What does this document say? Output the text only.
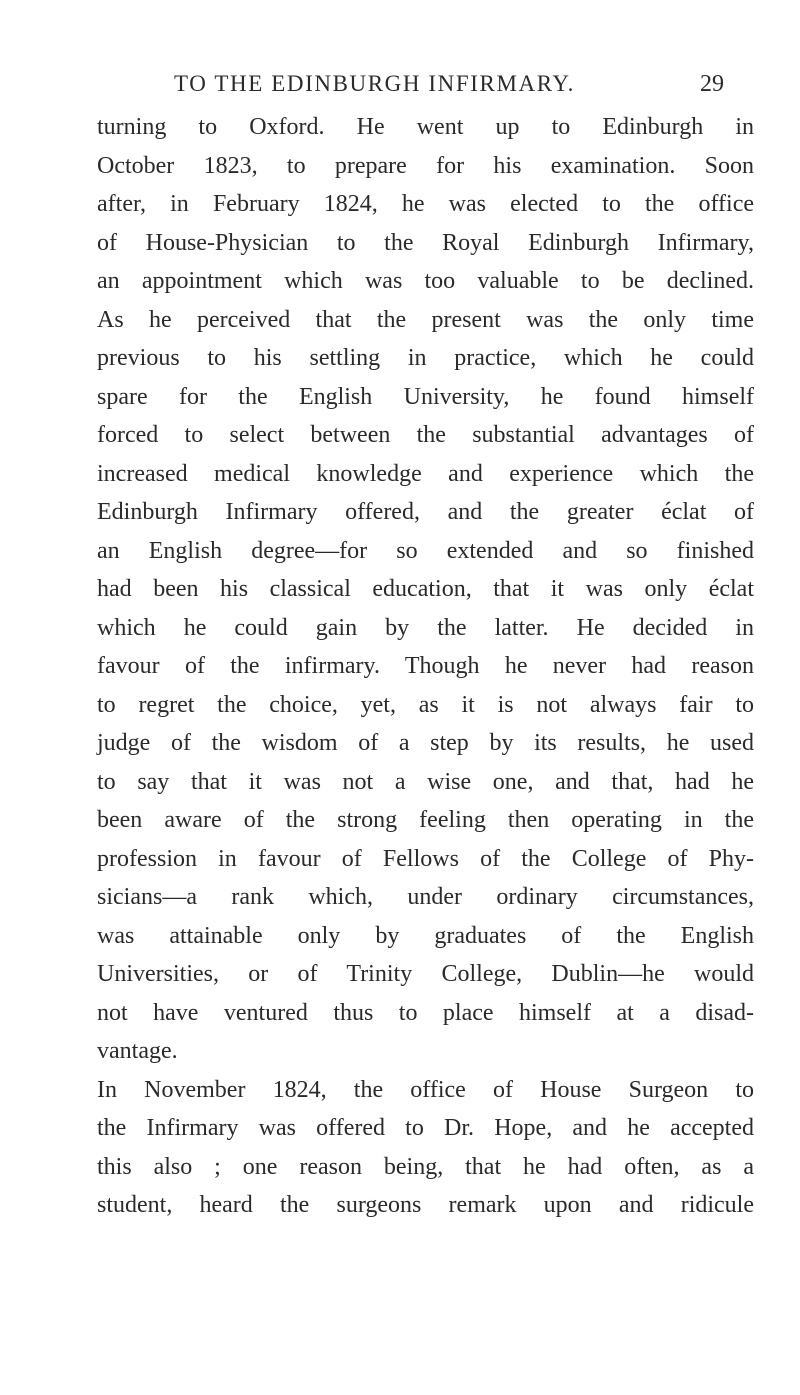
TO THE EDINBURGH INFIRMARY.	29
turning to Oxford. He went up to Edinburgh in
October 1823, to prepare for his examination. Soon
after, in February 1824, he was elected to the office
of House-Physician to the Royal Edinburgh Infirmary,
an appointment which was too valuable to be declined.
As he perceived that the present was the only time
previous to his settling in practice, which he could
spare for the English University, he found himself
forced to select between the substantial advantages of
increased medical knowledge and experience which the
Edinburgh Infirmary offered, and the greater éclat of
an English degree—for so extended and so finished
had been his classical education, that it was only éclat
which he could gain by the latter. He decided in
favour of the infirmary. Though he never had reason
to regret the choice, yet, as it is not always fair to
judge of the wisdom of a step by its results, he used
to say that it was not a wise one, and that, had he
been aware of the strong feeling then operating in the
profession in favour of Fellows of the College of Phy-
sicians—a rank which, under ordinary circumstances,
was attainable only by graduates of the English
Universities, or of Trinity College, Dublin—he would
not have ventured thus to place himself at a disad-
vantage.
In November 1824, the office of House Surgeon to
the Infirmary was offered to Dr. Hope, and he accepted
this also ; one reason being, that he had often, as a
student, heard the surgeons remark upon and ridicule
